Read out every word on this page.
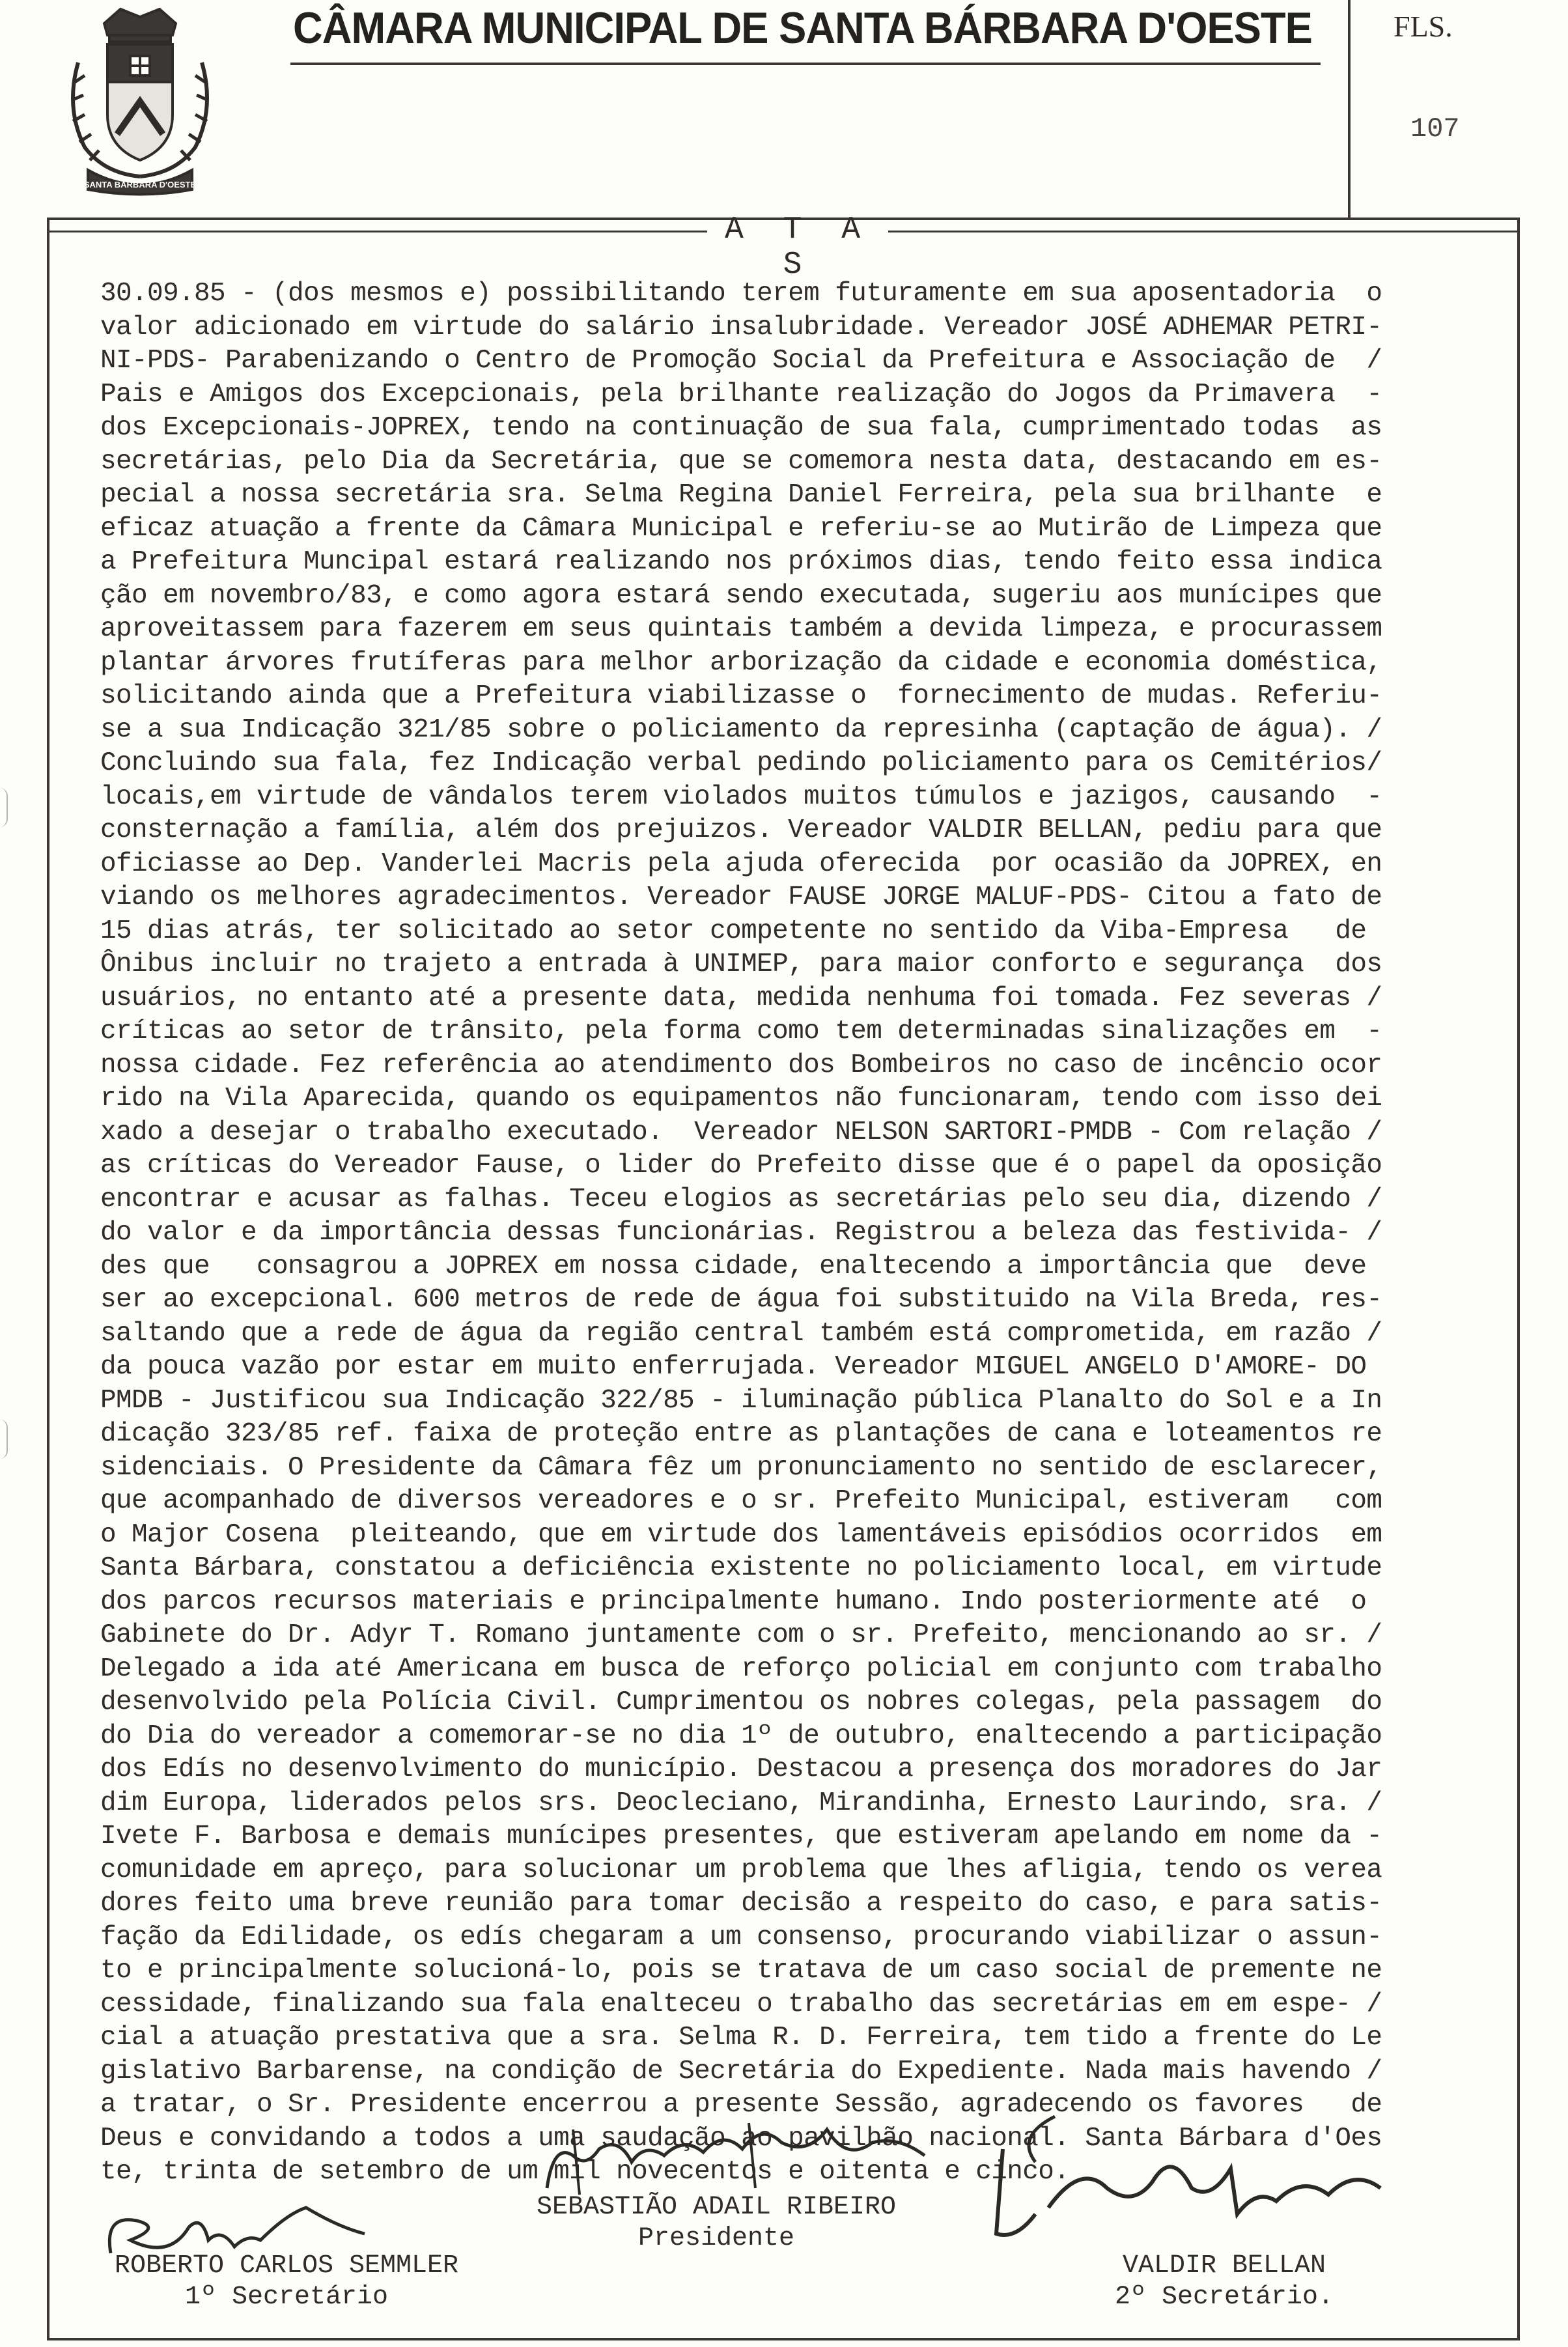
SANTA BARBARA D'OESTE
CÂMARA MUNICIPAL DE SANTA BÁRBARA D'OESTE	FLS.
107
A T A S
30.09.85 - (dos mesmos e) possibilitando terem futuramente em sua aposentadoria  o
valor adicionado em virtude do salário insalubridade. Vereador JOSÉ ADHEMAR PETRI-
NI-PDS- Parabenizando o Centro de Promoção Social da Prefeitura e Associação de  /
Pais e Amigos dos Excepcionais, pela brilhante realização do Jogos da Primavera  -
dos Excepcionais-JOPREX, tendo na continuação de sua fala, cumprimentado todas  as
secretárias, pelo Dia da Secretária, que se comemora nesta data, destacando em es-
pecial a nossa secretária sra. Selma Regina Daniel Ferreira, pela sua brilhante  e
eficaz atuação a frente da Câmara Municipal e referiu-se ao Mutirão de Limpeza que
a Prefeitura Muncipal estará realizando nos próximos dias, tendo feito essa indica
ção em novembro/83, e como agora estará sendo executada, sugeriu aos munícipes que
aproveitassem para fazerem em seus quintais também a devida limpeza, e procurassem
plantar árvores frutíferas para melhor arborização da cidade e economia doméstica,
solicitando ainda que a Prefeitura viabilizasse o  fornecimento de mudas. Referiu-
se a sua Indicação 321/85 sobre o policiamento da represinha (captação de água). /
Concluindo sua fala, fez Indicação verbal pedindo policiamento para os Cemitérios/
locais,em virtude de vândalos terem violados muitos túmulos e jazigos, causando  -
consternação a família, além dos prejuizos. Vereador VALDIR BELLAN, pediu para que
oficiasse ao Dep. Vanderlei Macris pela ajuda oferecida  por ocasião da JOPREX, en
viando os melhores agradecimentos. Vereador FAUSE JORGE MALUF-PDS- Citou a fato de
15 dias atrás, ter solicitado ao setor competente no sentido da Viba-Empresa   de
Ônibus incluir no trajeto a entrada à UNIMEP, para maior conforto e segurança  dos
usuários, no entanto até a presente data, medida nenhuma foi tomada. Fez severas /
críticas ao setor de trânsito, pela forma como tem determinadas sinalizações em  -
nossa cidade. Fez referência ao atendimento dos Bombeiros no caso de incêncio ocor
rido na Vila Aparecida, quando os equipamentos não funcionaram, tendo com isso dei
xado a desejar o trabalho executado.  Vereador NELSON SARTORI-PMDB - Com relação /
as críticas do Vereador Fause, o lider do Prefeito disse que é o papel da oposição
encontrar e acusar as falhas. Teceu elogios as secretárias pelo seu dia, dizendo /
do valor e da importância dessas funcionárias. Registrou a beleza das festivida- /
des que   consagrou a JOPREX em nossa cidade, enaltecendo a importância que  deve
ser ao excepcional. 600 metros de rede de água foi substituido na Vila Breda, res-
saltando que a rede de água da região central também está comprometida, em razão /
da pouca vazão por estar em muito enferrujada. Vereador MIGUEL ANGELO D'AMORE- DO
PMDB - Justificou sua Indicação 322/85 - iluminação pública Planalto do Sol e a In
dicação 323/85 ref. faixa de proteção entre as plantações de cana e loteamentos re
sidenciais. O Presidente da Câmara fêz um pronunciamento no sentido de esclarecer,
que acompanhado de diversos vereadores e o sr. Prefeito Municipal, estiveram   com
o Major Cosena  pleiteando, que em virtude dos lamentáveis episódios ocorridos  em
Santa Bárbara, constatou a deficiência existente no policiamento local, em virtude
dos parcos recursos materiais e principalmente humano. Indo posteriormente até  o
Gabinete do Dr. Adyr T. Romano juntamente com o sr. Prefeito, mencionando ao sr. /
Delegado a ida até Americana em busca de reforço policial em conjunto com trabalho
desenvolvido pela Polícia Civil. Cumprimentou os nobres colegas, pela passagem  do
do Dia do vereador a comemorar-se no dia 1º de outubro, enaltecendo a participação
dos Edís no desenvolvimento do município. Destacou a presença dos moradores do Jar
dim Europa, liderados pelos srs. Deocleciano, Mirandinha, Ernesto Laurindo, sra. /
Ivete F. Barbosa e demais munícipes presentes, que estiveram apelando em nome da -
comunidade em apreço, para solucionar um problema que lhes afligia, tendo os verea
dores feito uma breve reunião para tomar decisão a respeito do caso, e para satis-
fação da Edilidade, os edís chegaram a um consenso, procurando viabilizar o assun-
to e principalmente solucioná-lo, pois se tratava de um caso social de premente ne
cessidade, finalizando sua fala enalteceu o trabalho das secretárias em em espe- /
cial a atuação prestativa que a sra. Selma R. D. Ferreira, tem tido a frente do Le
gislativo Barbarense, na condição de Secretária do Expediente. Nada mais havendo /
a tratar, o Sr. Presidente encerrou a presente Sessão, agradecendo os favores   de
Deus e convidando a todos a uma saudação ao pavilhão nacional. Santa Bárbara d'Oes
te, trinta de setembro de um mil novecentos e oitenta e cinco.
ROBERTO CARLOS SEMMLER
1º Secretário
SEBASTIÃO ADAIL RIBEIRO
Presidente
VALDIR BELLAN
2º Secretário.
